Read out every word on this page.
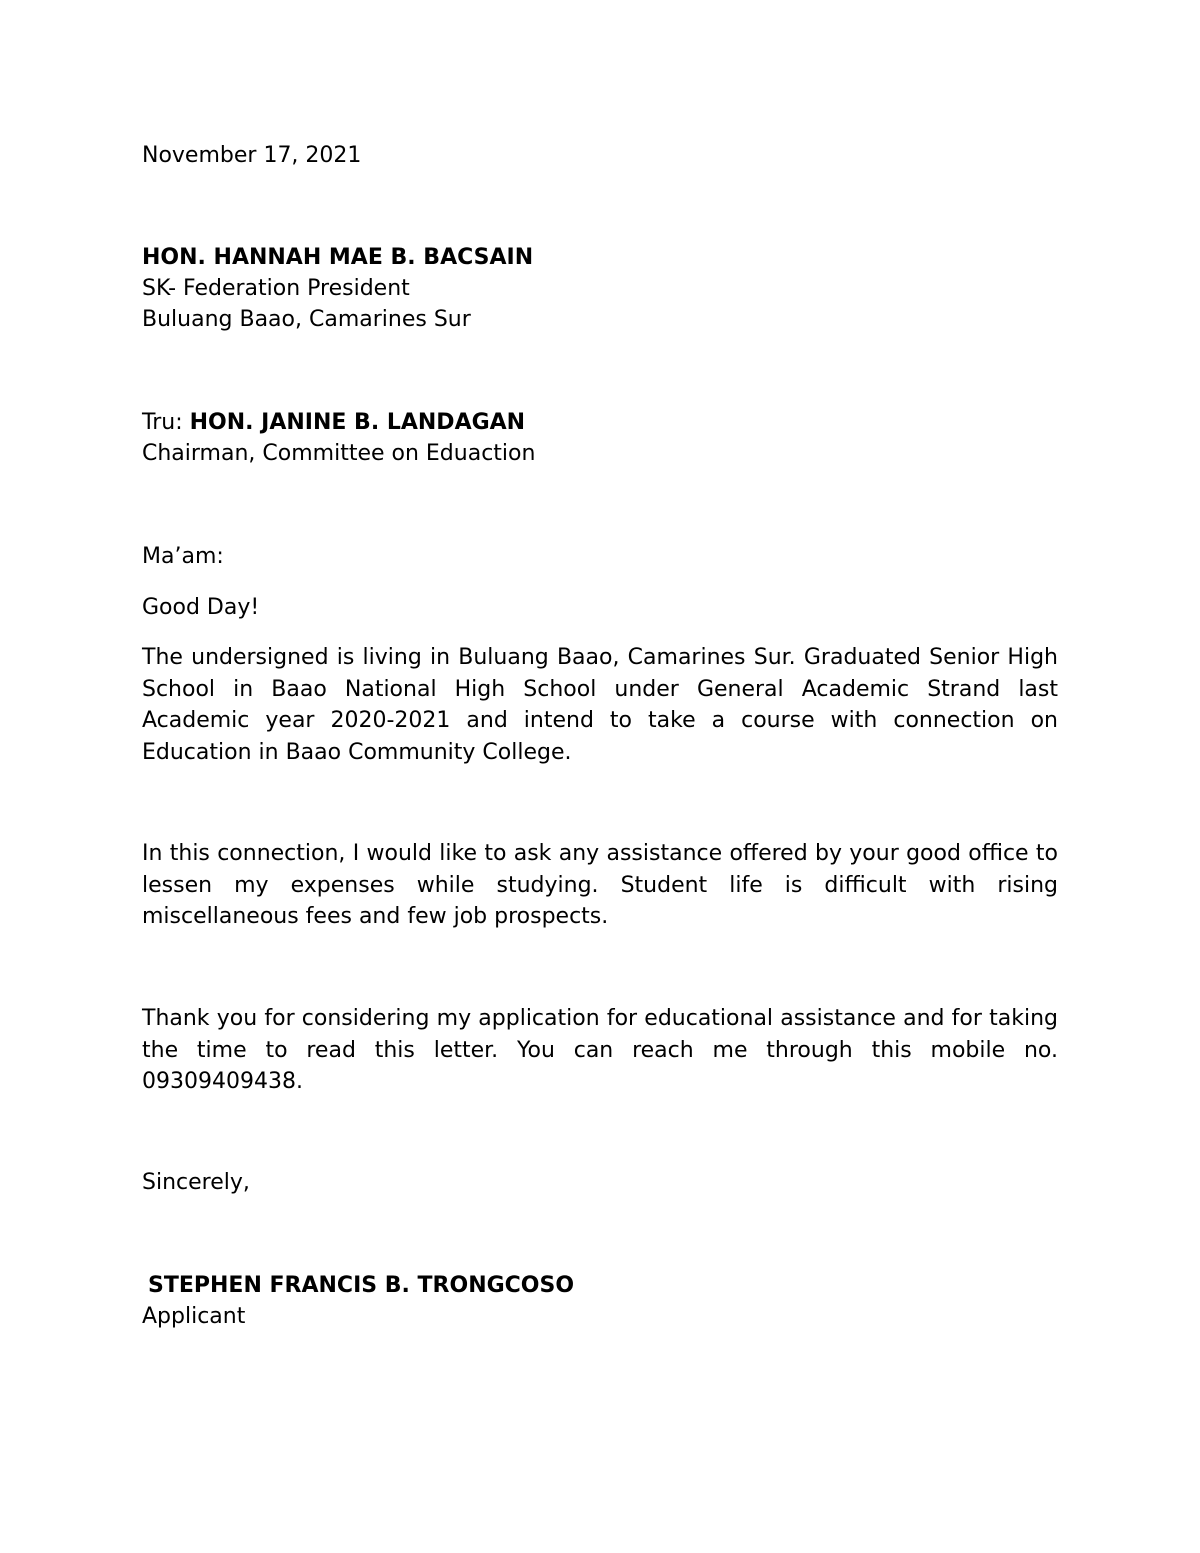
November 17, 2021
HON. HANNAH MAE B. BACSAIN
SK- Federation President
Buluang Baao, Camarines Sur
Tru: HON. JANINE B. LANDAGAN
Chairman, Committee on Eduaction
Ma’am:
Good Day!
The undersigned is living in Buluang Baao, Camarines Sur. Graduated Senior High School in Baao National High School under General Academic Strand last Academic year 2020-2021 and intend to take a course with connection on Education in Baao Community College.
In this connection, I would like to ask any assistance offered by your good office to lessen my expenses while studying. Student life is difficult with rising miscellaneous fees and few job prospects.
Thank you for considering my application for educational assistance and for taking the time to read this letter. You can reach me through this mobile no. 09309409438.
Sincerely,
STEPHEN FRANCIS B. TRONGCOSO
Applicant
